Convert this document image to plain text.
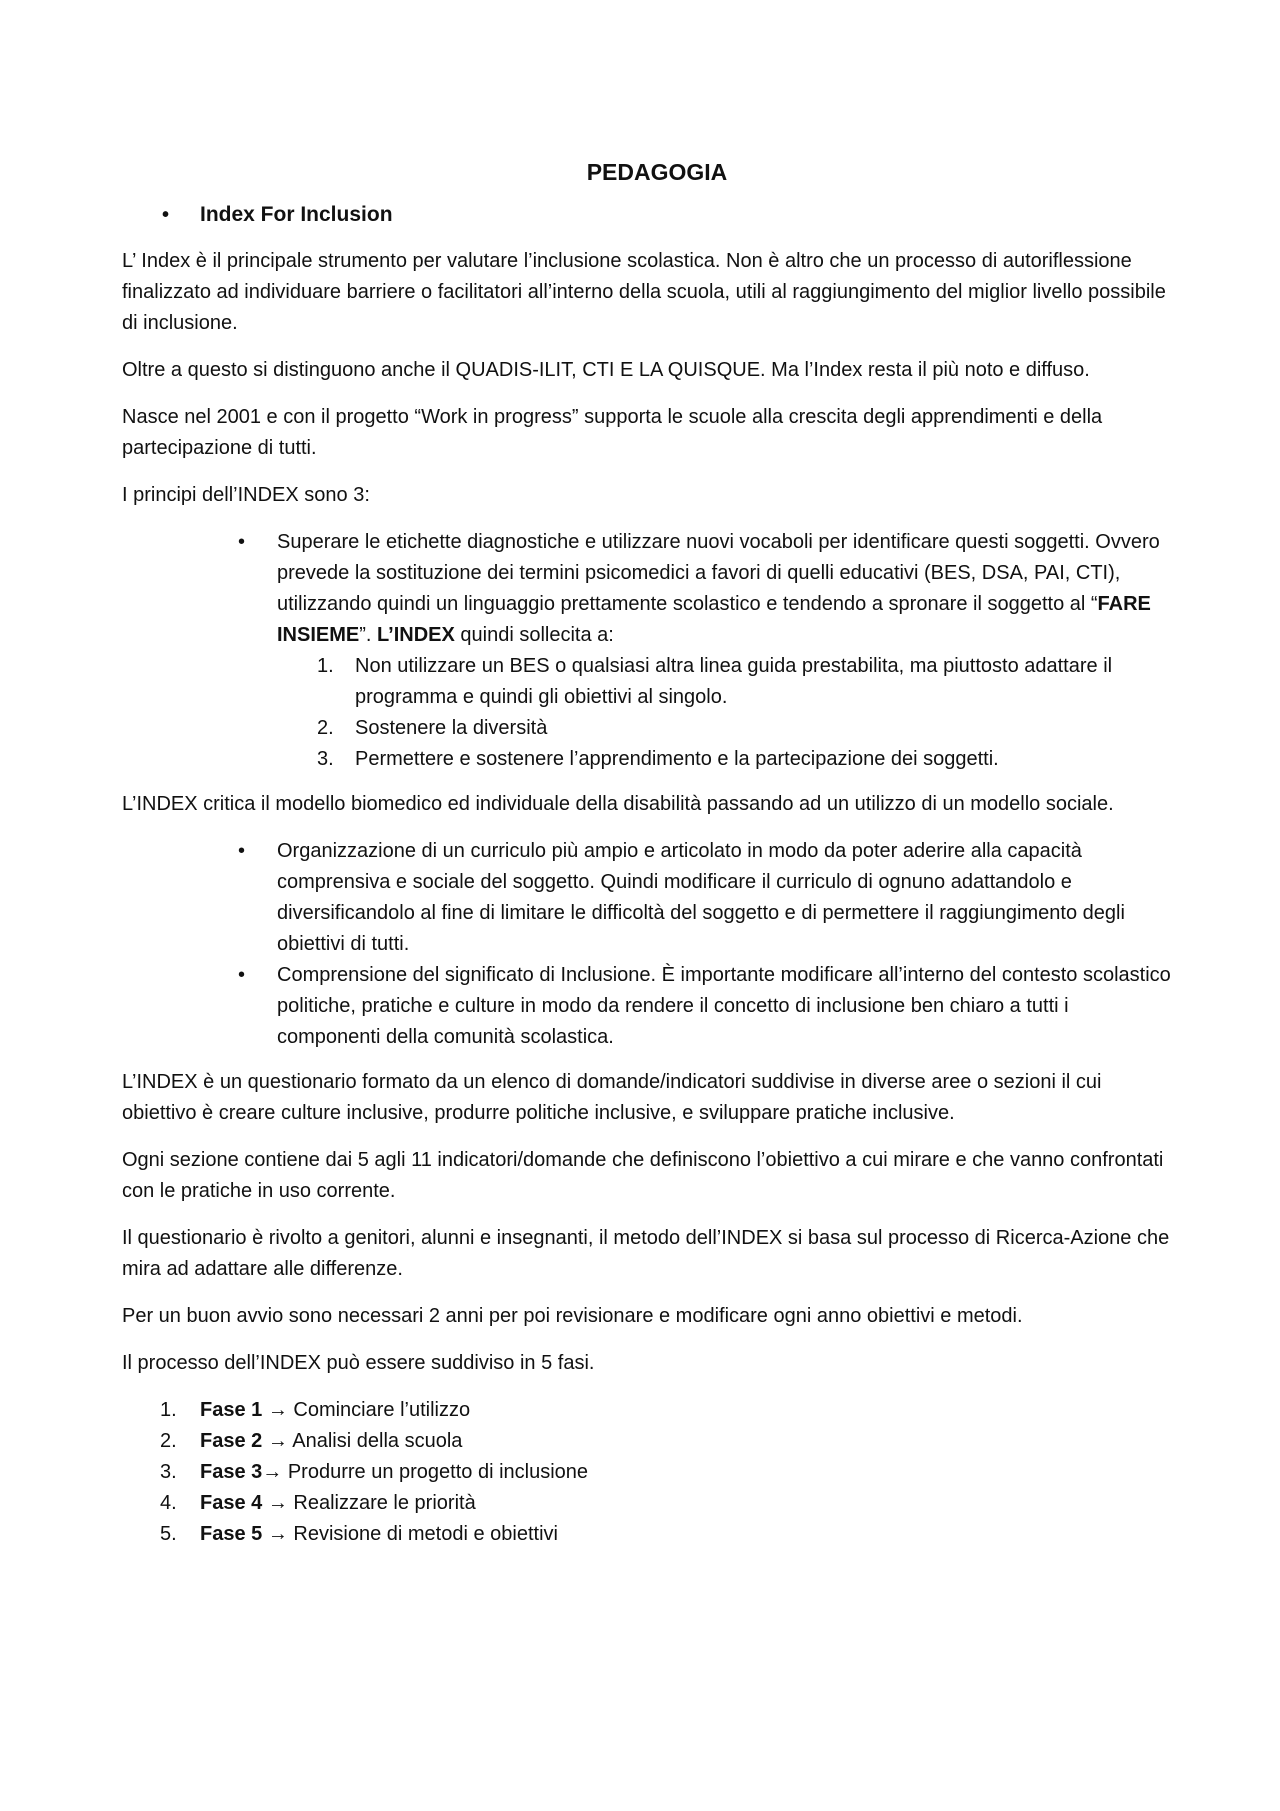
PEDAGOGIA
•	Index For Inclusion

L’ Index è il principale strumento per valutare l’inclusione scolastica. Non è altro che un processo di autoriflessione finalizzato ad individuare barriere o facilitatori all’interno della scuola, utili al raggiungimento del miglior livello possibile di inclusione.

Oltre a questo si distinguono anche il QUADIS-ILIT, CTI E LA QUISQUE. Ma l’Index resta il più noto e diffuso.

Nasce nel 2001 e con il progetto “Work in progress” supporta le scuole alla crescita degli apprendimenti e della partecipazione di tutti.

I principi dell’INDEX sono 3:

•	Superare le etichette diagnostiche e utilizzare nuovi vocaboli per identificare questi soggetti. Ovvero prevede la sostituzione dei termini psicomedici a favori di quelli educativi (BES, DSA, PAI, CTI), utilizzando quindi un linguaggio prettamente scolastico e tendendo a spronare il soggetto al “FARE INSIEME”. L’INDEX quindi sollecita a:
1.	Non utilizzare un BES o qualsiasi altra linea guida prestabilita, ma piuttosto adattare il programma e quindi gli obiettivi al singolo.
2.	Sostenere la diversità
3.	Permettere e sostenere l’apprendimento e la partecipazione dei soggetti.

L’INDEX critica il modello biomedico ed individuale della disabilità passando ad un utilizzo di un modello sociale.

•	Organizzazione di un curriculo più ampio e articolato in modo da poter aderire alla capacità comprensiva e sociale del soggetto. Quindi modificare il curriculo di ognuno adattandolo e diversificandolo al fine di limitare le difficoltà del soggetto e di permettere il raggiungimento degli obiettivi di tutti.
•	Comprensione del significato di Inclusione. È importante modificare all’interno del contesto scolastico politiche, pratiche e culture in modo da rendere il concetto di inclusione ben chiaro a tutti i componenti della comunità scolastica.

L’INDEX è un questionario formato da un elenco di domande/indicatori suddivise in diverse aree o sezioni il cui obiettivo è creare culture inclusive, produrre politiche inclusive, e sviluppare pratiche inclusive.

Ogni sezione contiene dai 5 agli 11 indicatori/domande che definiscono l’obiettivo a cui mirare e che vanno confrontati con le pratiche in uso corrente.

Il questionario è rivolto a genitori, alunni e insegnanti, il metodo dell’INDEX si basa sul processo di Ricerca-Azione che mira ad adattare alle differenze.

Per un buon avvio sono necessari 2 anni per poi revisionare e modificare ogni anno obiettivi e metodi.

Il processo dell’INDEX può essere suddiviso in 5 fasi.

1.	Fase 1 → Cominciare l’utilizzo
2.	Fase 2 → Analisi della scuola
3.	Fase 3→ Produrre un progetto di inclusione
4.	Fase 4 → Realizzare le priorità
5.	Fase 5 → Revisione di metodi e obiettivi
